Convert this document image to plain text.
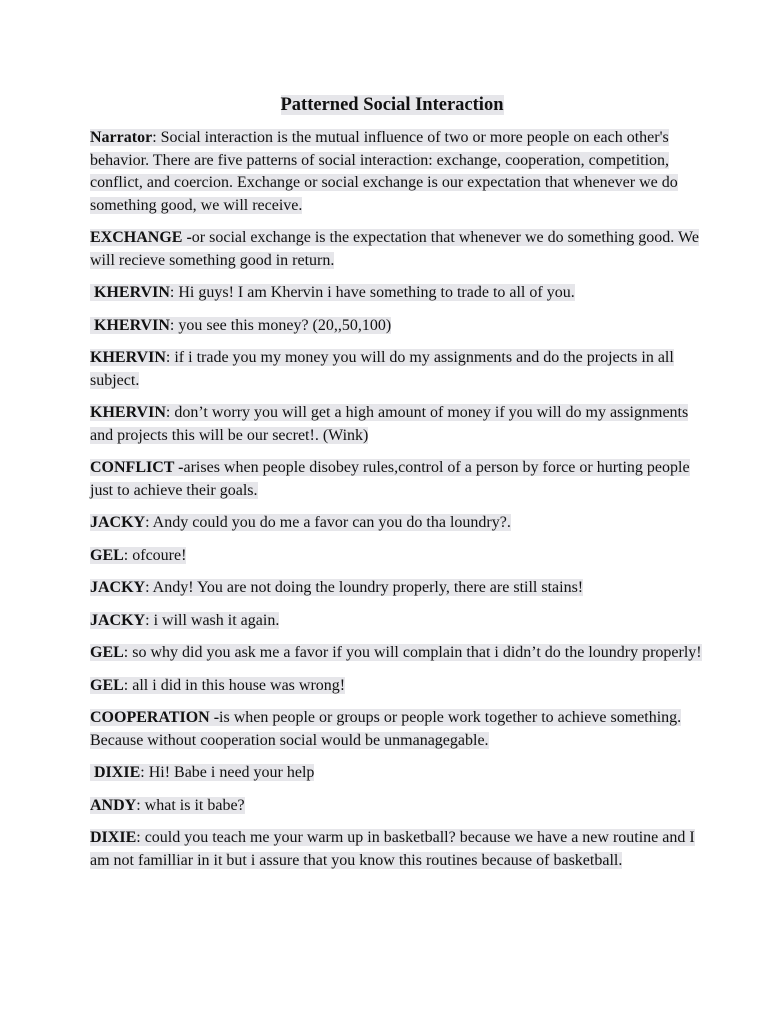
Patterned Social Interaction

Narrator: Social interaction is the mutual influence of two or more people on each other's behavior. There are five patterns of social interaction: exchange, cooperation, competition, conflict, and coercion. Exchange or social exchange is our expectation that whenever we do something good, we will receive.

EXCHANGE -or social exchange is the expectation that whenever we do something good. We will recieve something good in return.

KHERVIN: Hi guys! I am Khervin i have something to trade to all of you.

KHERVIN: you see this money? (20,,50,100)

KHERVIN: if i trade you my money you will do my assignments and do the projects in all subject.

KHERVIN: don’t worry you will get a high amount of money if you will do my assignments and projects this will be our secret!. (Wink)

CONFLICT -arises when people disobey rules,control of a person by force or hurting people just to achieve their goals.

JACKY: Andy could you do me a favor can you do tha loundry?.

GEL: ofcoure!

JACKY: Andy! You are not doing the loundry properly, there are still stains!

JACKY: i will wash it again.

GEL: so why did you ask me a favor if you will complain that i didn’t do the loundry properly!

GEL: all i did in this house was wrong!

COOPERATION -is when people or groups or people work together to achieve something. Because without cooperation social would be unmanagegable.

DIXIE: Hi! Babe i need your help

ANDY: what is it babe?

DIXIE: could you teach me your warm up in basketball? because we have a new routine and I am not familliar in it but i assure that you know this routines because of basketball.
